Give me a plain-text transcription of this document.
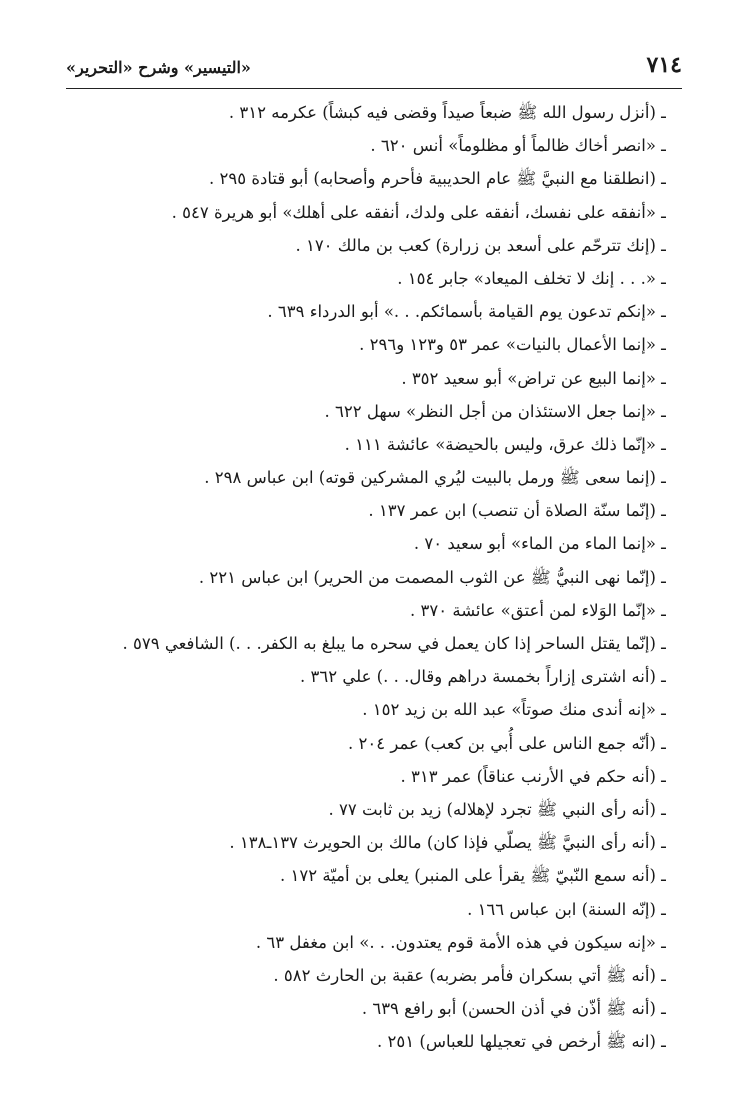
«التيسير» وشرح «التحرير»	٧١٤
ـ (أنزل رسول الله ﷺ ضبعاً صيداً وقضى فيه كبشاً) عكرمه ٣١٢ .
ـ «انصر أخاك ظالماً أو مظلوماً» أنس ٦٢٠ .
ـ (انطلقنا مع النبيَّ ﷺ عام الحديبية فأحرم وأصحابه) أبو قتادة ٢٩٥ .
ـ «أنفقه على نفسك، أنفقه على ولدك، أنفقه على أهلك» أبو هريرة ٥٤٧ .
ـ (إنك تترحّم على أسعد بن زرارة) كعب بن مالك ١٧٠ .
ـ «. . . إنك لا تخلف الميعاد» جابر ١٥٤ .
ـ «إنكم تدعون يوم القيامة بأسمائكم. . .» أبو الدرداء ٦٣٩ .
ـ «إنما الأعمال بالنيات» عمر ٥٣ و١٢٣ و٢٩٦ .
ـ «إنما البيع عن تراض» أبو سعيد ٣٥٢ .
ـ «إنما جعل الاستئذان من أجل النظر» سهل ٦٢٢ .
ـ «إنّما ذلك عرق، وليس بالحيضة» عائشة ١١١ .
ـ (إنما سعى ﷺ ورمل بالبيت ليُري المشركين قوته) ابن عباس ٢٩٨ .
ـ (إنّما سنّة الصلاة أن تنصب) ابن عمر ١٣٧ .
ـ «إنما الماء من الماء» أبو سعيد ٧٠ .
ـ (إنّما نهى النبيُّ ﷺ عن الثوب المصمت من الحرير) ابن عباس ٢٢١ .
ـ «إنّما الوَلاء لمن أعتق» عائشة ٣٧٠ .
ـ (إنّما يقتل الساحر إذا كان يعمل في سحره ما يبلغ به الكفر. . .) الشافعي ٥٧٩ .
ـ (أنه اشترى إزاراً بخمسة دراهم وقال. . .) علي ٣٦٢ .
ـ «إنه أندى منك صوتاً» عبد الله بن زيد ١٥٢ .
ـ (أنّه جمع الناس على أُبي بن كعب) عمر ٢٠٤ .
ـ (أنه حكم في الأرنب عناقاً) عمر ٣١٣ .
ـ (أنه رأى النبي ﷺ تجرد لإهلاله) زيد بن ثابت ٧٧ .
ـ (أنه رأى النبيَّ ﷺ يصلّي فإذا كان) مالك بن الحويرث ١٣٧ـ١٣٨ .
ـ (أنه سمع النّبيّ ﷺ يقرأ على المنبر) يعلى بن أميّة ١٧٢ .
ـ (إنّه السنة) ابن عباس ١٦٦ .
ـ «إنه سيكون في هذه الأمة قوم يعتدون. . .» ابن مغفل ٦٣ .
ـ (أنه ﷺ أتي بسكران فأمر بضربه) عقبة بن الحارث ٥٨٢ .
ـ (أنه ﷺ أذّن في أذن الحسن) أبو رافع ٦٣٩ .
ـ (انه ﷺ أرخص في تعجيلها للعباس) ٢٥١ .
